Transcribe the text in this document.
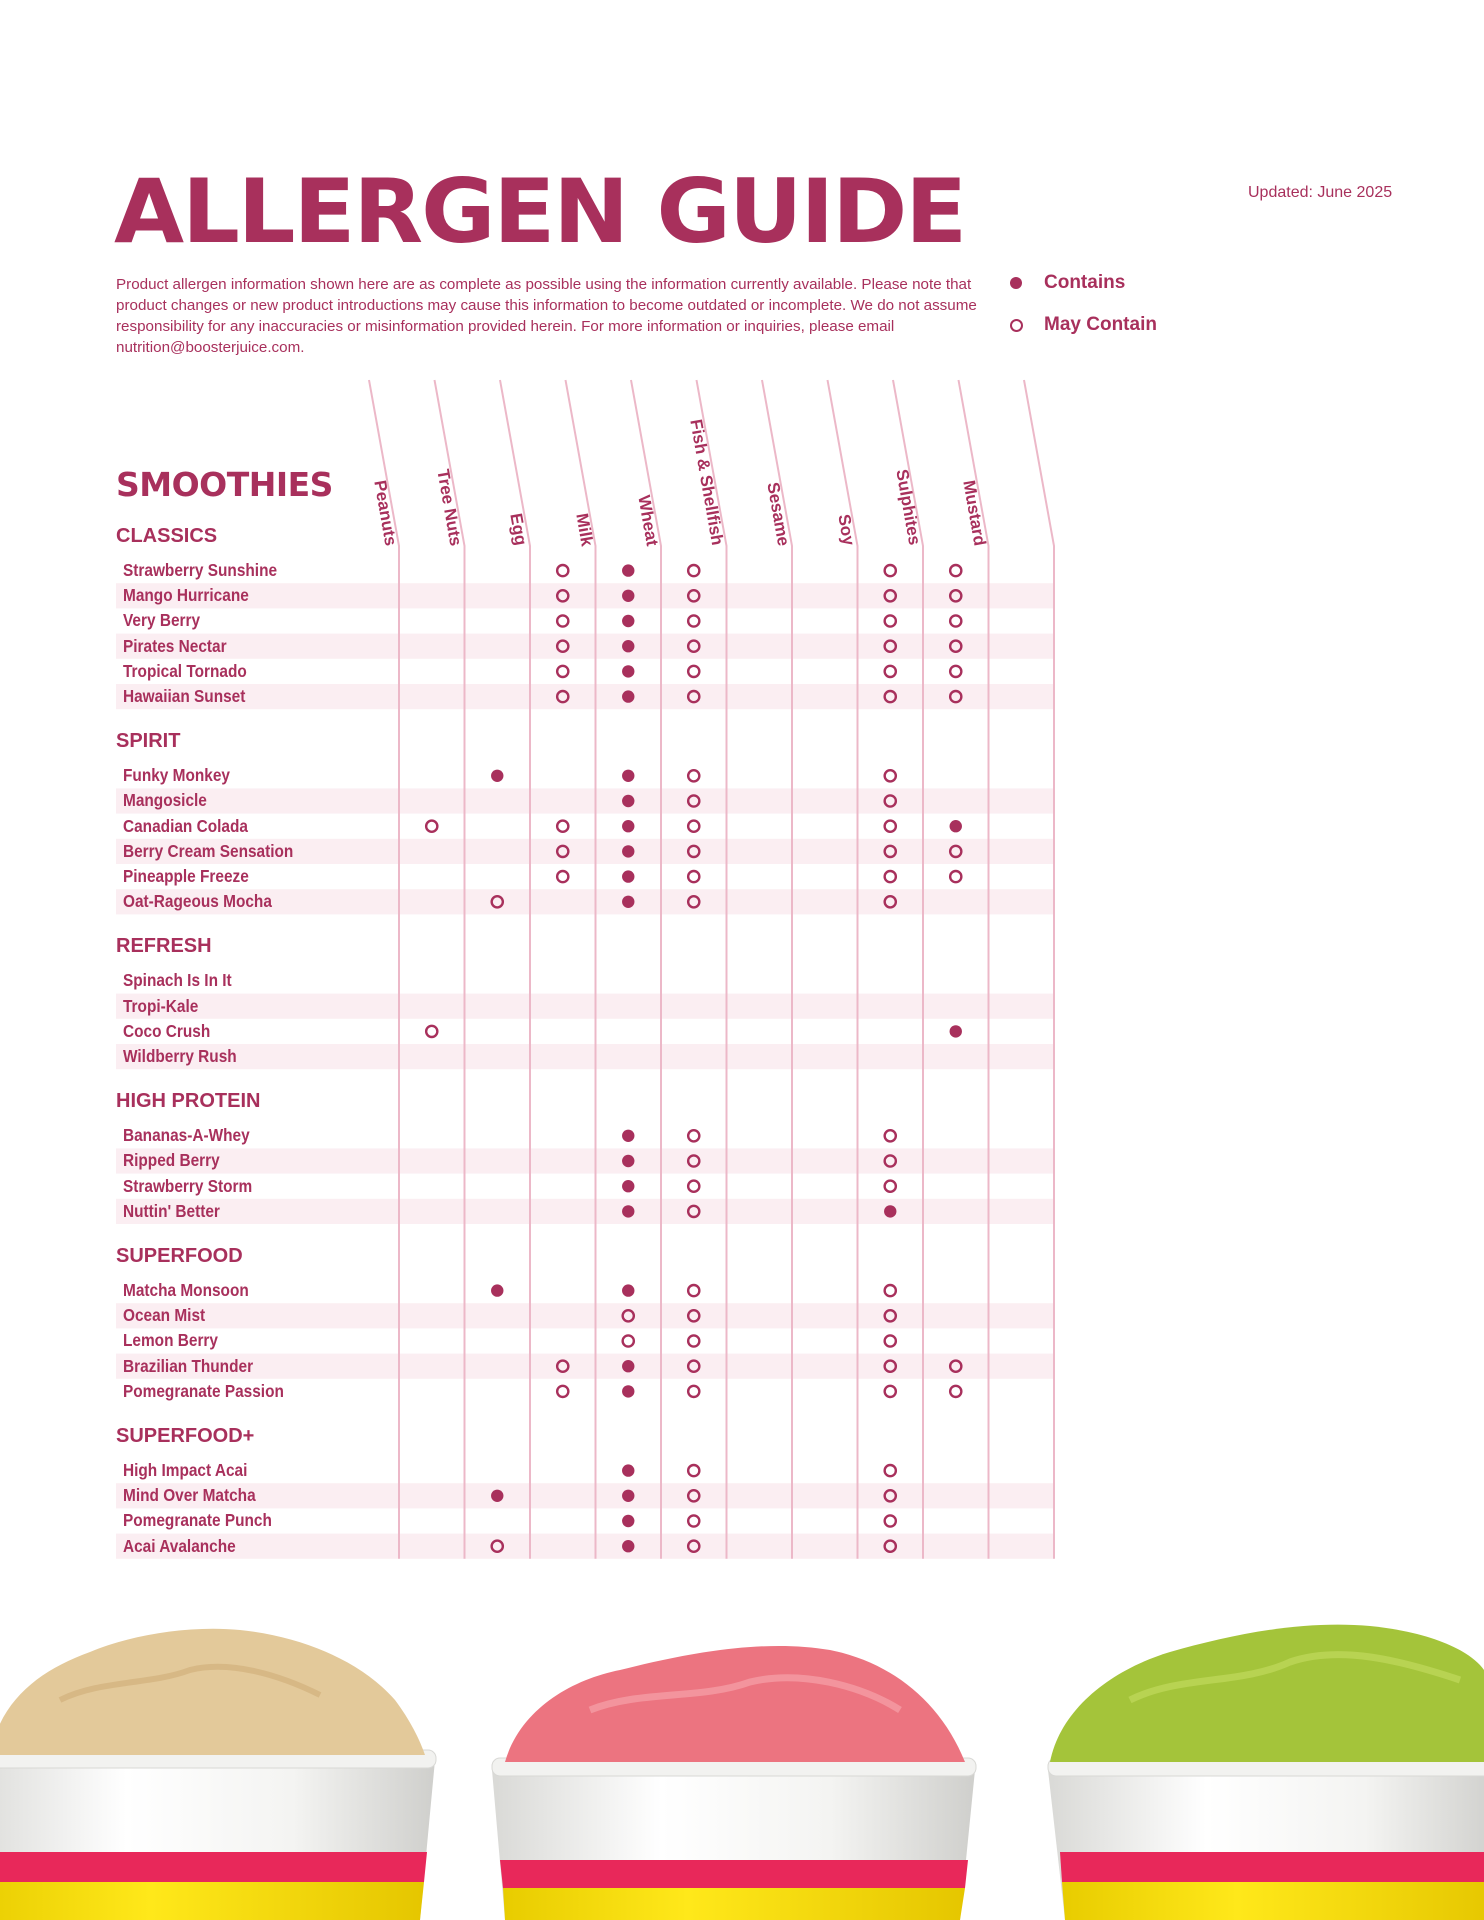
ALLERGEN GUIDE	Updated: June 2025

Product allergen information shown here are as complete as possible using the information currently available. Please note that product changes or new product introductions may cause this information to become outdated or incomplete. We do not assume responsibility for any inaccuracies or misinformation provided herein. For more information or inquiries, please email nutrition@boosterjuice.com.

Contains
May Contain
SMOOTHIES Peanuts Tree Nuts Egg Milk Wheat Fish & Shellfish Sesame Soy Sulphites Mustard
CLASSICS
SPIRIT
REFRESH
HIGH PROTEIN
SUPERFOOD
SUPERFOOD+
Strawberry Sunshine
Mango Hurricane
Very Berry
Pirates Nectar
Tropical Tornado
Hawaiian Sunset
Funky Monkey
Mangosicle
Canadian Colada
Berry Cream Sensation
Pineapple Freeze
Oat-Rageous Mocha
Spinach Is In It
Tropi-Kale
Coco Crush
Wildberry Rush
Bananas-A-Whey
Ripped Berry
Strawberry Storm
Nuttin' Better
Matcha Monsoon
Ocean Mist
Lemon Berry
Brazilian Thunder
Pomegranate Passion
High Impact Acai
Mind Over Matcha
Pomegranate Punch
Acai Avalanche
